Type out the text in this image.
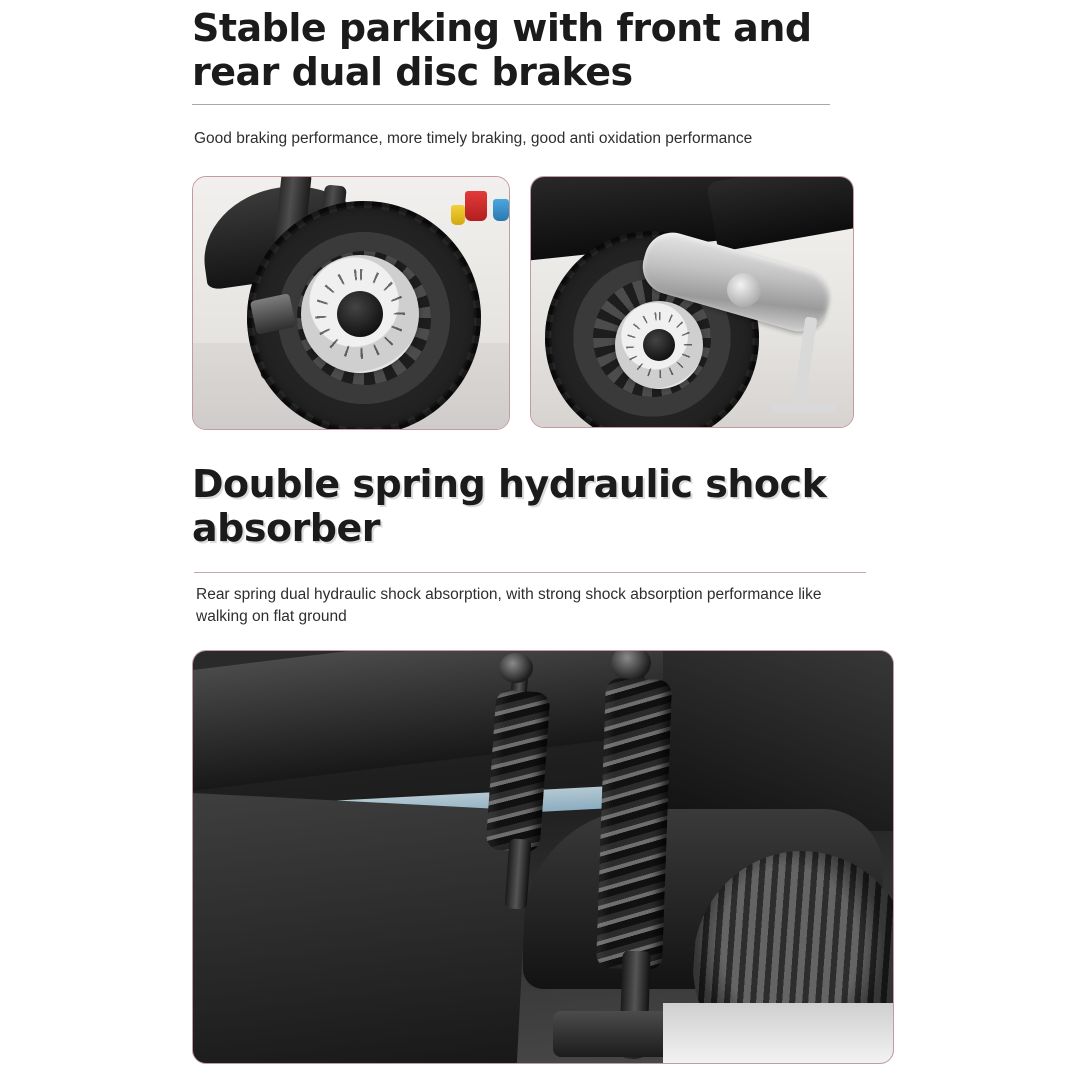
Stable parking with front and rear dual disc brakes
Good braking performance, more timely braking, good anti oxidation performance
Double spring hydraulic shock absorber
Rear spring dual hydraulic shock absorption, with strong shock absorption performance like walking on flat ground
